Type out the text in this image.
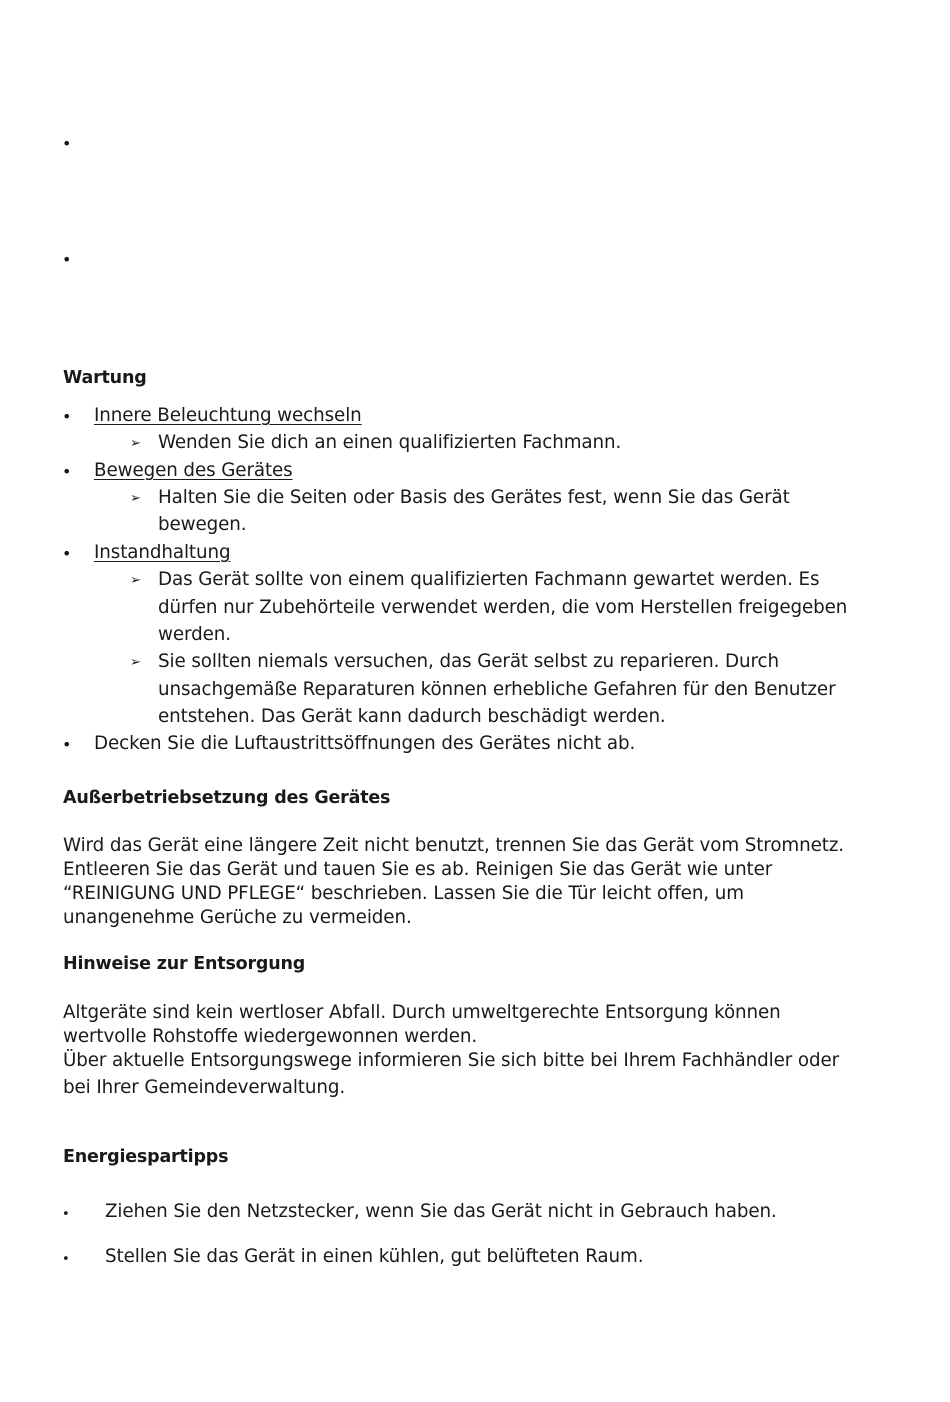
•
•
Wartung
• Innere Beleuchtung wechseln
➢ Wenden Sie dich an einen qualifizierten Fachmann.
• Bewegen des Gerätes
➢ Halten Sie die Seiten oder Basis des Gerätes fest, wenn Sie das Gerät
bewegen.
• Instandhaltung
➢ Das Gerät sollte von einem qualifizierten Fachmann gewartet werden. Es
dürfen nur Zubehörteile verwendet werden, die vom Herstellen freigegeben
werden.
➢ Sie sollten niemals versuchen, das Gerät selbst zu reparieren. Durch
unsachgemäße Reparaturen können erhebliche Gefahren für den Benutzer
entstehen. Das Gerät kann dadurch beschädigt werden.
• Decken Sie die Luftaustrittsöffnungen des Gerätes nicht ab.
Außerbetriebsetzung des Gerätes
Wird das Gerät eine längere Zeit nicht benutzt, trennen Sie das Gerät vom Stromnetz.
Entleeren Sie das Gerät und tauen Sie es ab. Reinigen Sie das Gerät wie unter
“REINIGUNG UND PFLEGE“ beschrieben. Lassen Sie die Tür leicht offen, um
unangenehme Gerüche zu vermeiden.
Hinweise zur Entsorgung
Altgeräte sind kein wertloser Abfall. Durch umweltgerechte Entsorgung können
wertvolle Rohstoffe wiedergewonnen werden.
Über aktuelle Entsorgungswege informieren Sie sich bitte bei Ihrem Fachhändler oder
bei Ihrer Gemeindeverwaltung.
Energiespartipps
• Ziehen Sie den Netzstecker, wenn Sie das Gerät nicht in Gebrauch haben.
• Stellen Sie das Gerät in einen kühlen, gut belüfteten Raum.
